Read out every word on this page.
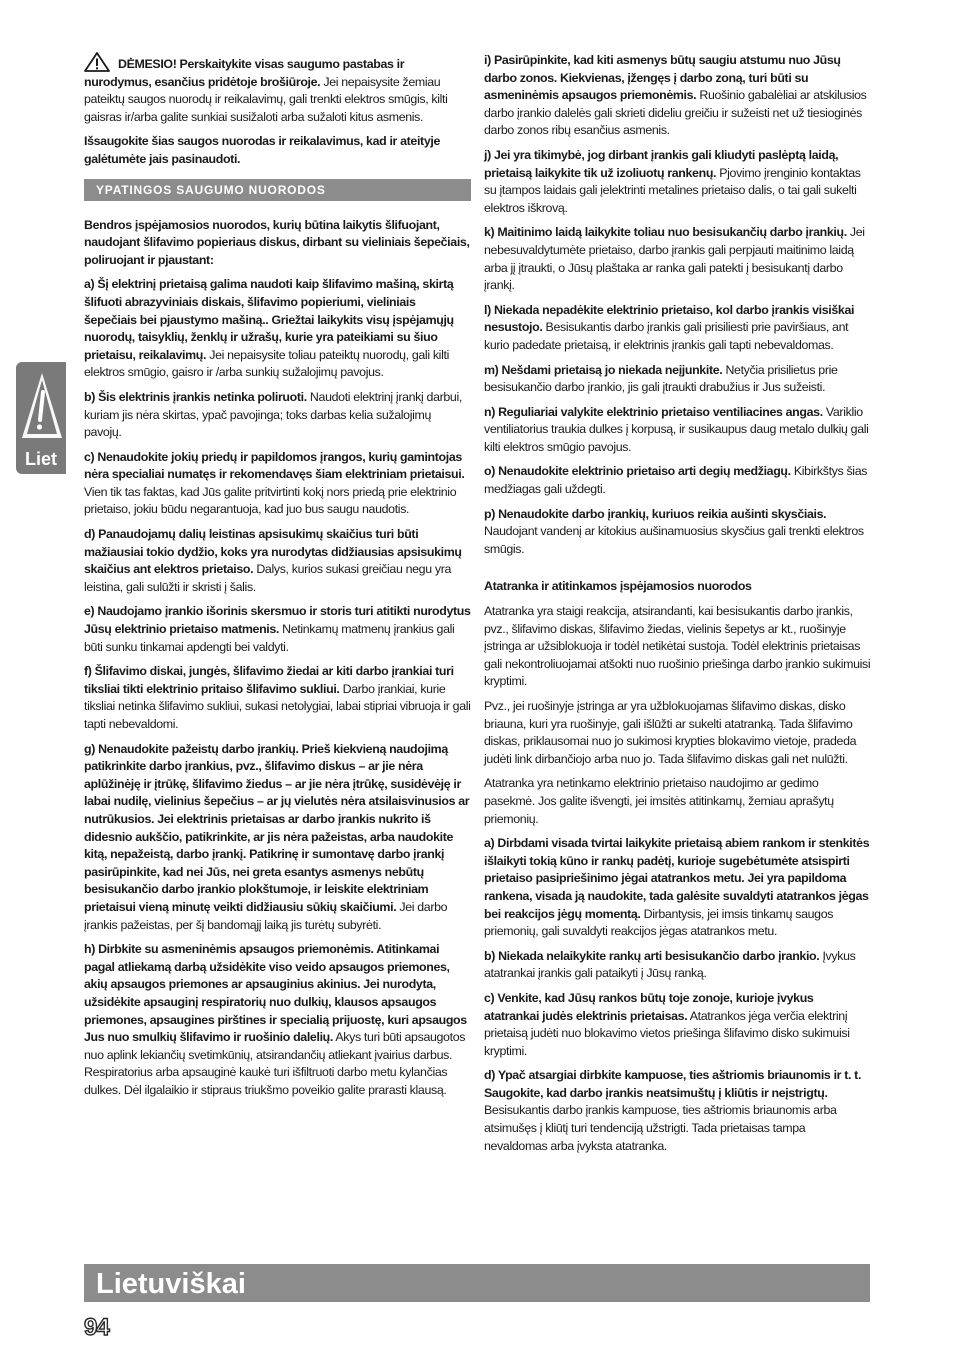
DĖMESIO! Perskaitykite visas saugumo pastabas ir nurodymus, esančius pridėtoje brošiūroje. Jei nepaisysite žemiau pateiktų saugos nuorodų ir reikalavimų, gali trenkti elektros smūgis, kilti gaisras ir/arba galite sunkiai susižaloti arba sužaloti kitus asmenis.

Išsaugokite šias saugos nuorodas ir reikalavimus, kad ir ateityje galėtumėte jais pasinaudoti.

YPATINGOS SAUGUMO NUORODOS

Bendros įspėjamosios nuorodos, kurių būtina laikytis šlifuojant, naudojant šlifavimo popieriaus diskus, dirbant su vieliniais šepečiais, poliruojant ir pjaustant:

a) Šį elektrinį prietaisą galima naudoti kaip šlifavimo mašiną, skirtą šlifuoti abrazyviniais diskais, šlifavimo popieriumi, vieliniais šepečiais bei pjaustymo mašiną.. Griežtai laikykits visų įspėjamųjų nuorodų, taisyklių, ženklų ir užrašų, kurie yra pateikiami su šiuo prietaisu, reikalavimų. Jei nepaisysite toliau pateiktų nuorodų, gali kilti elektros smūgio, gaisro ir /arba sunkių sužalojimų pavojus.

b) Šis elektrinis įrankis netinka poliruoti. Naudoti elektrinį įrankį darbui, kuriam jis nėra skirtas, ypač pavojinga; toks darbas kelia sužalojimų pavojų.

c) Nenaudokite jokių priedų ir papildomos įrangos, kurių gamintojas nėra specialiai numatęs ir rekomendavęs šiam elektriniam prietaisui. Vien tik tas faktas, kad Jūs galite pritvirtinti kokį nors priedą prie elektrinio prietaiso, jokiu būdu negarantuoja, kad juo bus saugu naudotis.

d) Panaudojamų dalių leistinas apsisukimų skaičius turi būti mažiausiai tokio dydžio, koks yra nurodytas didžiausias apsisukimų skaičius ant elektros prietaiso. Dalys, kurios sukasi greičiau negu yra leistina, gali sulūžti ir skristi į šalis.

e) Naudojamo įrankio išorinis skersmuo ir storis turi atitikti nurodytus Jūsų elektrinio prietaiso matmenis. Netinkamų matmenų įrankius gali būti sunku tinkamai apdengti bei valdyti.

f) Šlifavimo diskai, jungės, šlifavimo žiedai ar kiti darbo įrankiai turi tiksliai tikti elektrinio pritaiso šlifavimo sukliui. Darbo įrankiai, kurie tiksliai netinka šlifavimo sukliui, sukasi netolygiai, labai stipriai vibruoja ir gali tapti nebevaldomi.

g) Nenaudokite pažeistų darbo įrankių. Prieš kiekvieną naudojimą patikrinkite darbo įrankius, pvz., šlifavimo diskus – ar jie nėra aplūžinėję ir įtrūkę, šlifavimo žiedus – ar jie nėra įtrūkę, susidėvėję ir labai nudilę, vielinius šepečius – ar jų vielutės nėra atsilaisvinusios ar nutrūkusios. Jei elektrinis prietaisas ar darbo įrankis nukrito iš didesnio aukščio, patikrinkite, ar jis nėra pažeistas, arba naudokite kitą, nepažeistą, darbo įrankį. Patikrinę ir sumontavę darbo įrankį pasirūpinkite, kad nei Jūs, nei greta esantys asmenys nebūtų besisukančio darbo įrankio plokštumoje, ir leiskite elektriniam prietaisui vieną minutę veikti didžiausiu sūkių skaičiumi. Jei darbo įrankis pažeistas, per šį bandomąjį laiką jis turėtų subyrėti.

h) Dirbkite su asmeninėmis apsaugos priemonėmis. Atitinkamai pagal atliekamą darbą užsidėkite viso veido apsaugos priemones, akių apsaugos priemones ar apsauginius akinius. Jei nurodyta, užsidėkite apsauginį respiratorių nuo dulkių, klausos apsaugos priemones, apsaugines pirštines ir specialią prijuostę, kuri apsaugos Jus nuo smulkių šlifavimo ir ruošinio dalelių. Akys turi būti apsaugotos nuo aplink lekiančių svetimkūnių, atsirandančių atliekant įvairius darbus. Respiratorius arba apsauginė kaukė turi išfiltruoti darbo metu kylančias dulkes. Dėl ilgalaikio ir stipraus triukšmo poveikio galite prarasti klausą.

i) Pasirūpinkite, kad kiti asmenys būtų saugiu atstumu nuo Jūsų darbo zonos. Kiekvienas, įžengęs į darbo zoną, turi būti su asmeninėmis apsaugos priemonėmis. Ruošinio gabalėliai ar atskilusios darbo įrankio dalelės gali skrieti dideliu greičiu ir sužeisti net už tiesioginės darbo zonos ribų esančius asmenis.

j) Jei yra tikimybė, jog dirbant įrankis gali kliudyti paslėptą laidą, prietaisą laikykite tik už izoliuotų rankenų. Pjovimo įrenginio kontaktas su įtampos laidais gali įelektrinti metalines prietaiso dalis, o tai gali sukelti elektros iškrovą.

k) Maitinimo laidą laikykite toliau nuo besisukančių darbo įrankių. Jei nebesuvaldytumėte prietaiso, darbo įrankis gali perpjauti maitinimo laidą arba jį įtraukti, o Jūsų plaštaka ar ranka gali patekti į besisukantį darbo įrankį.

l) Niekada nepadėkite elektrinio prietaiso, kol darbo įrankis visiškai nesustojo. Besisukantis darbo įrankis gali prisiliesti prie paviršiaus, ant kurio padedate prietaisą, ir elektrinis įrankis gali tapti nebevaldomas.

m) Nešdami prietaisą jo niekada neįjunkite. Netyčia prisilietus prie besisukančio darbo įrankio, jis gali įtraukti drabužius ir Jus sužeisti.

n) Reguliariai valykite elektrinio prietaiso ventiliacines angas. Variklio ventiliatorius traukia dulkes į korpusą, ir susikaupus daug metalo dulkių gali kilti elektros smūgio pavojus.

o) Nenaudokite elektrinio prietaiso arti degių medžiagų. Kibirkštys šias medžiagas gali uždegti.

p) Nenaudokite darbo įrankių, kuriuos reikia aušinti skysčiais. Naudojant vandenį ar kitokius aušinamuosius skysčius gali trenkti elektros smūgis.

Atatranka ir atitinkamos įspėjamosios nuorodos

Atatranka yra staigi reakcija, atsirandanti, kai besisukantis darbo įrankis, pvz., šlifavimo diskas, šlifavimo žiedas, vielinis šepetys ar kt., ruošinyje įstringa ar užsiblokuoja ir todėl netikėtai sustoja. Todėl elektrinis prietaisas gali nekontroliuojamai atšokti nuo ruošinio priešinga darbo įrankio sukimuisi kryptimi.

Pvz., jei ruošinyje įstringa ar yra užblokuojamas šlifavimo diskas, disko briauna, kuri yra ruošinyje, gali išlūžti ar sukelti atatranką. Tada šlifavimo diskas, priklausomai nuo jo sukimosi krypties blokavimo vietoje, pradeda judėti link dirbančiojo arba nuo jo. Tada šlifavimo diskas gali net nulūžti.

Atatranka yra netinkamo elektrinio prietaiso naudojimo ar gedimo pasekmė. Jos galite išvengti, jei imsitės atitinkamų, žemiau aprašytų priemonių.

a) Dirbdami visada tvirtai laikykite prietaisą abiem rankom ir stenkitės išlaikyti tokią kūno ir rankų padėtį, kurioje sugebėtumėte atsispirti prietaiso pasipriešinimo jėgai atatrankos metu. Jei yra papildoma rankena, visada ją naudokite, tada galėsite suvaldyti atatrankos jėgas bei reakcijos jėgų momentą. Dirbantysis, jei imsis tinkamų saugos priemonių, gali suvaldyti reakcijos jėgas atatrankos metu.

b) Niekada nelaikykite rankų arti besisukančio darbo įrankio. Įvykus atatrankai įrankis gali pataikyti į Jūsų ranką.

c) Venkite, kad Jūsų rankos būtų toje zonoje, kurioje įvykus atatrankai judės elektrinis prietaisas. Atatrankos jėga verčia elektrinį prietaisą judėti nuo blokavimo vietos priešinga šlifavimo disko sukimuisi kryptimi.

d) Ypač atsargiai dirbkite kampuose, ties aštriomis briaunomis ir t. t. Saugokite, kad darbo įrankis neatsimuštų į kliūtis ir neįstrigtų. Besisukantis darbo įrankis kampuose, ties aštriomis briaunomis arba atsimušęs į kliūtį turi tendenciją užstrigti. Tada prietaisas tampa nevaldomas arba įvyksta atatranka.

Liet
Lietuviškai
94
